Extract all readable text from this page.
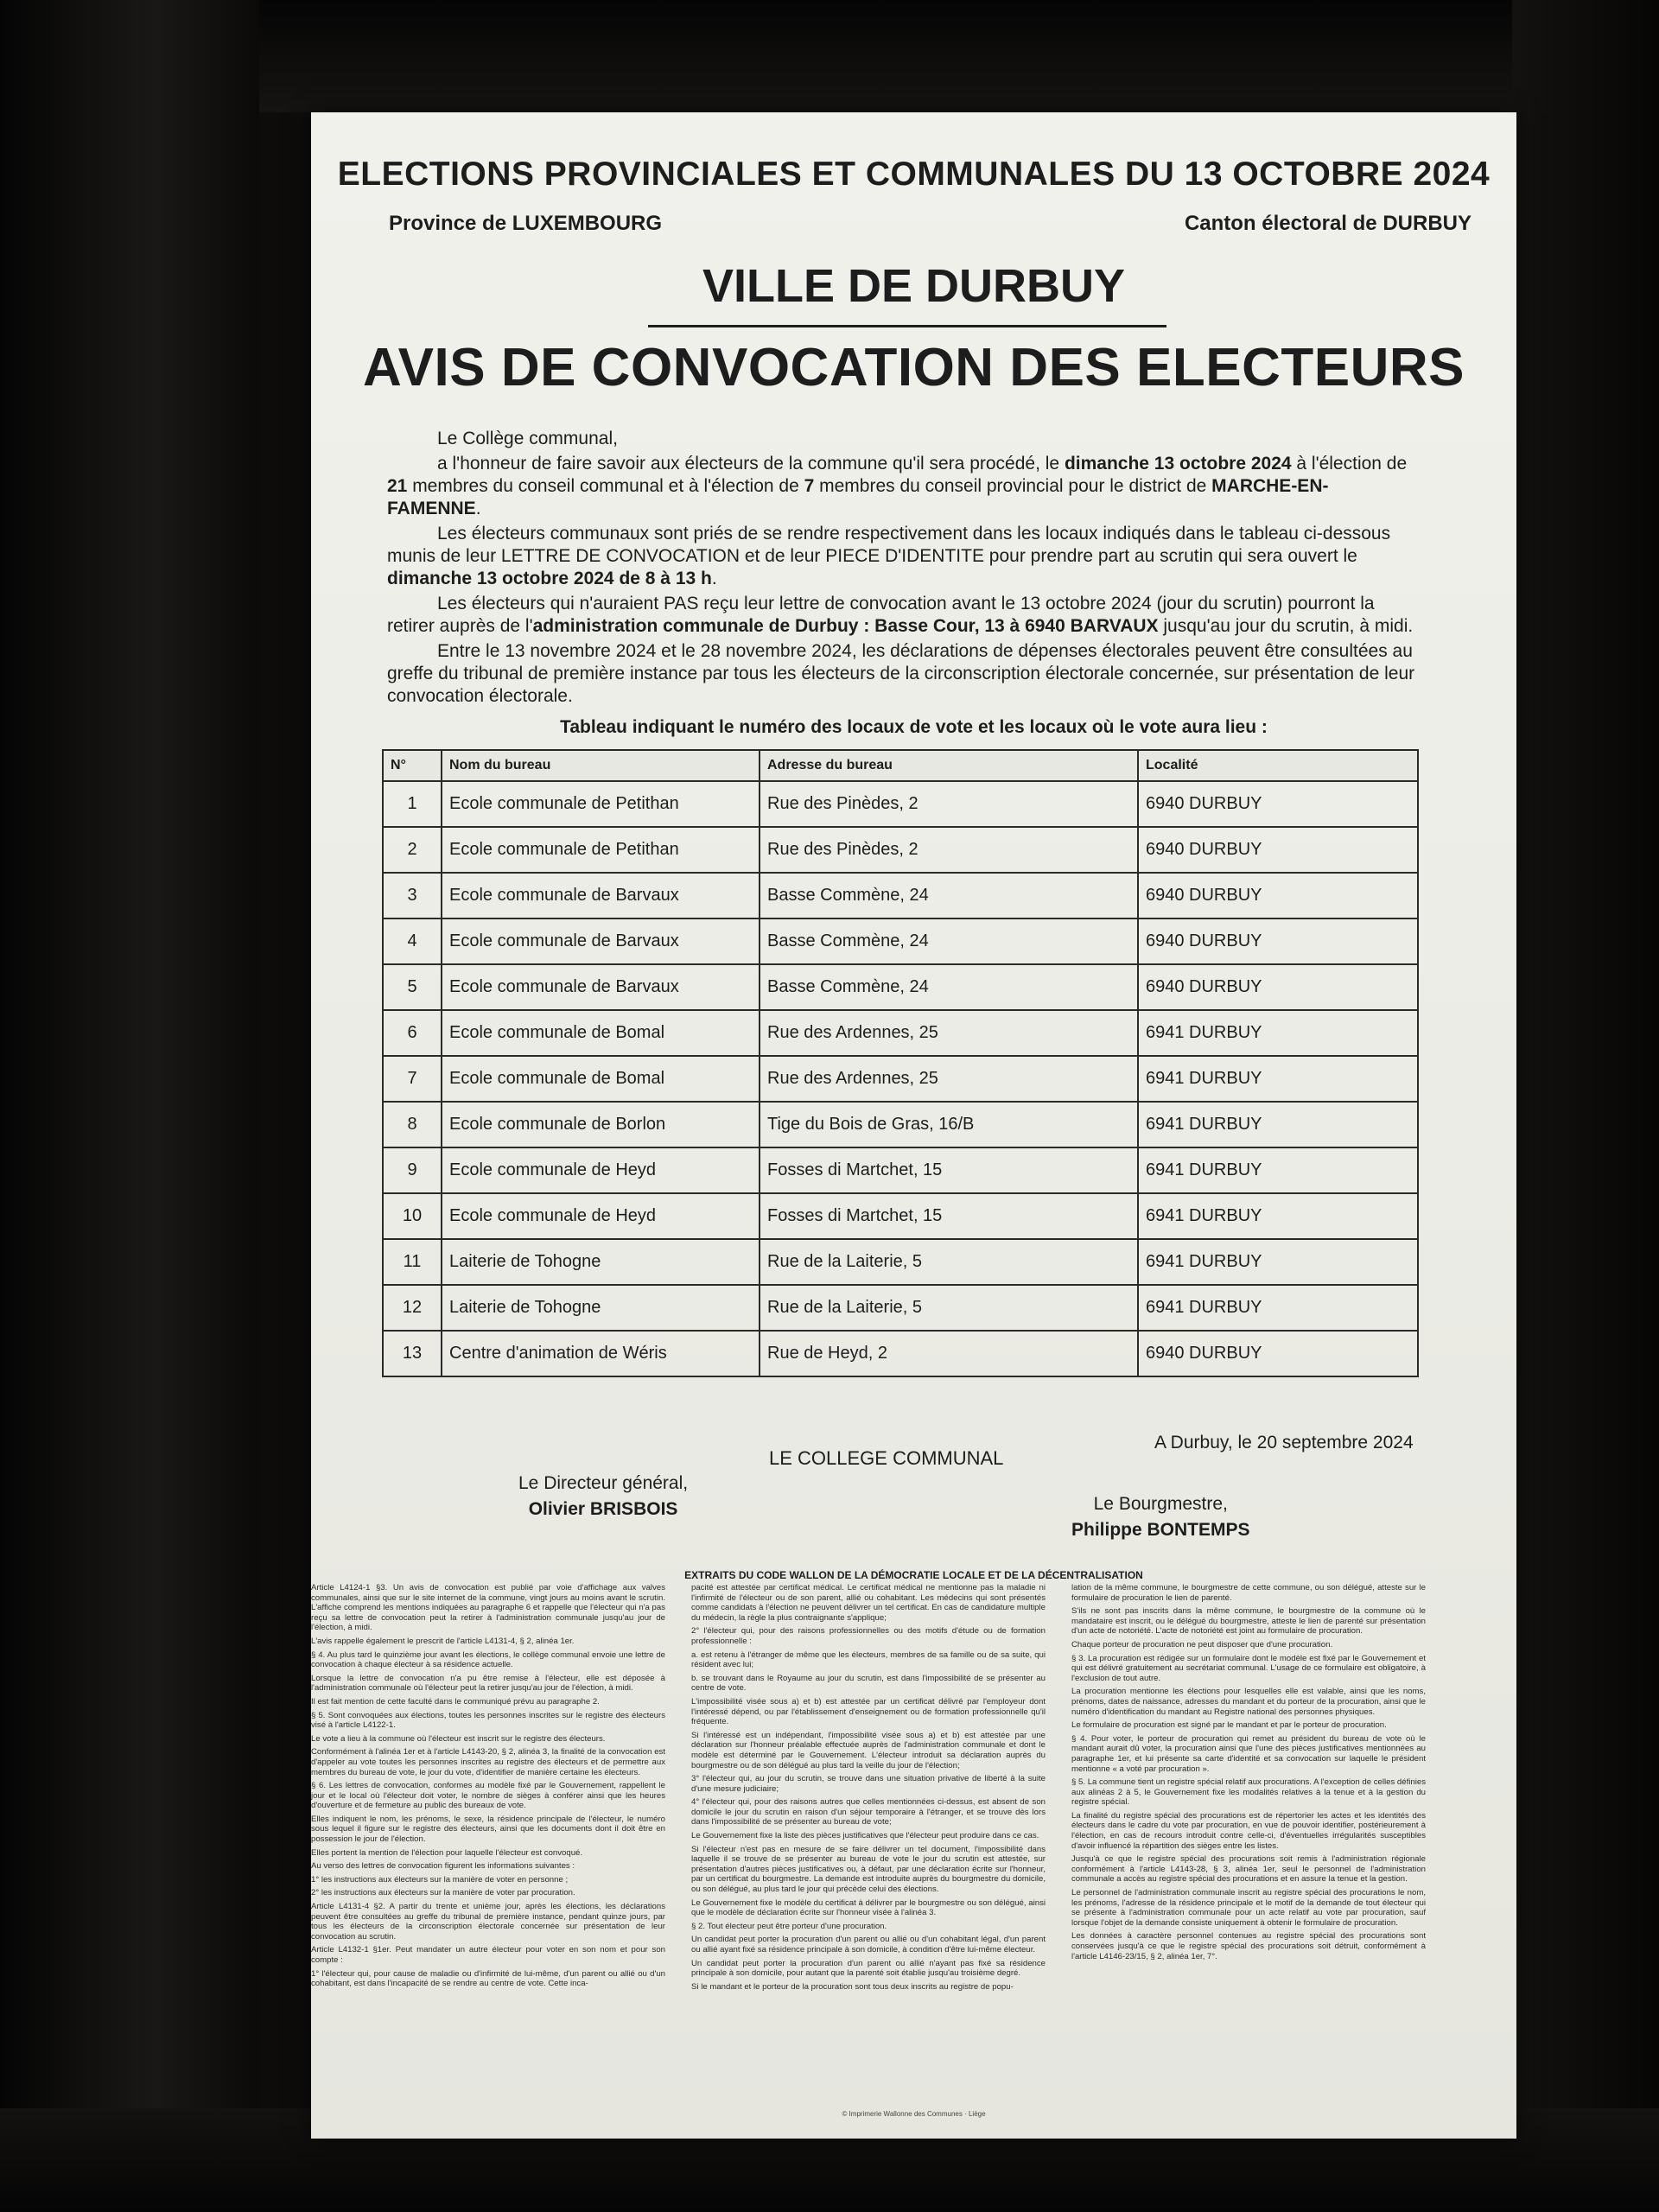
ELECTIONS PROVINCIALES ET COMMUNALES DU 13 OCTOBRE 2024
Province de LUXEMBOURG	Canton électoral de DURBUY
VILLE DE DURBUY
AVIS DE CONVOCATION DES ELECTEURS

Le Collège communal,

a l'honneur de faire savoir aux électeurs de la commune qu'il sera procédé, le dimanche 13 octobre 2024 à l'élection de 21 membres du conseil communal et à l'élection de 7 membres du conseil provincial pour le district de MARCHE-EN-FAMENNE.

Les électeurs communaux sont priés de se rendre respectivement dans les locaux indiqués dans le tableau ci-dessous munis de leur LETTRE DE CONVOCATION et de leur PIECE D'IDENTITE pour prendre part au scrutin qui sera ouvert le dimanche 13 octobre 2024 de 8 à 13 h.

Les électeurs qui n'auraient PAS reçu leur lettre de convocation avant le 13 octobre 2024 (jour du scrutin) pourront la retirer auprès de l'administration communale de Durbuy : Basse Cour, 13 à 6940 BARVAUX jusqu'au jour du scrutin, à midi.

Entre le 13 novembre 2024 et le 28 novembre 2024, les déclarations de dépenses électorales peuvent être consultées au greffe du tribunal de première instance par tous les électeurs de la circonscription électorale concernée, sur présentation de leur convocation électorale.

Tableau indiquant le numéro des locaux de vote et les locaux où le vote aura lieu :
N°	Nom du bureau	Adresse du bureau	Localité
1	Ecole communale de Petithan	Rue des Pinèdes, 2	6940 DURBUY
2	Ecole communale de Petithan	Rue des Pinèdes, 2	6940 DURBUY
3	Ecole communale de Barvaux	Basse Commène, 24	6940 DURBUY
4	Ecole communale de Barvaux	Basse Commène, 24	6940 DURBUY
5	Ecole communale de Barvaux	Basse Commène, 24	6940 DURBUY
6	Ecole communale de Bomal	Rue des Ardennes, 25	6941 DURBUY
7	Ecole communale de Bomal	Rue des Ardennes, 25	6941 DURBUY
8	Ecole communale de Borlon	Tige du Bois de Gras, 16/B	6941 DURBUY
9	Ecole communale de Heyd	Fosses di Martchet, 15	6941 DURBUY
10	Ecole communale de Heyd	Fosses di Martchet, 15	6941 DURBUY
11	Laiterie de Tohogne	Rue de la Laiterie, 5	6941 DURBUY
12	Laiterie de Tohogne	Rue de la Laiterie, 5	6941 DURBUY
13	Centre d'animation de Wéris	Rue de Heyd, 2	6940 DURBUY
A Durbuy, le 20 septembre 2024
LE COLLEGE COMMUNAL
Le Directeur général,
Olivier BRISBOIS	Le Bourgmestre,
Philippe BONTEMPS
EXTRAITS DU CODE WALLON DE LA DÉMOCRATIE LOCALE ET DE LA DÉCENTRALISATION

Article L4124-1 §3. Un avis de convocation est publié par voie d'affichage aux valves communales, ainsi que sur le site internet de la commune, vingt jours au moins avant le scrutin. L'affiche comprend les mentions indiquées au paragraphe 6 et rappelle que l'électeur qui n'a pas reçu sa lettre de convocation peut la retirer à l'administration communale jusqu'au jour de l'élection, à midi.

L'avis rappelle également le prescrit de l'article L4131-4, § 2, alinéa 1er.

§ 4. Au plus tard le quinzième jour avant les élections, le collège communal envoie une lettre de convocation à chaque électeur à sa résidence actuelle.

Lorsque la lettre de convocation n'a pu être remise à l'électeur, elle est déposée à l'administration communale où l'électeur peut la retirer jusqu'au jour de l'élection, à midi.

Il est fait mention de cette faculté dans le communiqué prévu au paragraphe 2.

§ 5. Sont convoquées aux élections, toutes les personnes inscrites sur le registre des électeurs visé à l'article L4122-1.

Le vote a lieu à la commune où l'électeur est inscrit sur le registre des électeurs.

Conformément à l'alinéa 1er et à l'article L4143-20, § 2, alinéa 3, la finalité de la convocation est d'appeler au vote toutes les personnes inscrites au registre des électeurs et de permettre aux membres du bureau de vote, le jour du vote, d'identifier de manière certaine les électeurs.

§ 6. Les lettres de convocation, conformes au modèle fixé par le Gouvernement, rappellent le jour et le local où l'électeur doit voter, le nombre de sièges à conférer ainsi que les heures d'ouverture et de fermeture au public des bureaux de vote.

Elles indiquent le nom, les prénoms, le sexe, la résidence principale de l'électeur, le numéro sous lequel il figure sur le registre des électeurs, ainsi que les documents dont il doit être en possession le jour de l'élection.

Elles portent la mention de l'élection pour laquelle l'électeur est convoqué.

Au verso des lettres de convocation figurent les informations suivantes :

1° les instructions aux électeurs sur la manière de voter en personne ;

2° les instructions aux électeurs sur la manière de voter par procuration.

Article L4131-4 §2. A partir du trente et unième jour, après les élections, les déclarations peuvent être consultées au greffe du tribunal de première instance, pendant quinze jours, par tous les électeurs de la circonscription électorale concernée sur présentation de leur convocation au scrutin.

Article L4132-1 §1er. Peut mandater un autre électeur pour voter en son nom et pour son compte :

1° l'électeur qui, pour cause de maladie ou d'infirmité de lui-même, d'un parent ou allié ou d'un cohabitant, est dans l'incapacité de se rendre au centre de vote. Cette inca-

pacité est attestée par certificat médical. Le certificat médical ne mentionne pas la maladie ni l'infirmité de l'électeur ou de son parent, allié ou cohabitant. Les médecins qui sont présentés comme candidats à l'élection ne peuvent délivrer un tel certificat. En cas de candidature multiple du médecin, la règle la plus contraignante s'applique;

2° l'électeur qui, pour des raisons professionnelles ou des motifs d'étude ou de formation professionnelle :

a. est retenu à l'étranger de même que les électeurs, membres de sa famille ou de sa suite, qui résident avec lui;

b. se trouvant dans le Royaume au jour du scrutin, est dans l'impossibilité de se présenter au centre de vote.

L'impossibilité visée sous a) et b) est attestée par un certificat délivré par l'employeur dont l'intéressé dépend, ou par l'établissement d'enseignement ou de formation professionnelle qu'il fréquente.

Si l'intéressé est un indépendant, l'impossibilité visée sous a) et b) est attestée par une déclaration sur l'honneur préalable effectuée auprès de l'administration communale et dont le modèle est déterminé par le Gouvernement. L'électeur introduit sa déclaration auprès du bourgmestre ou de son délégué au plus tard la veille du jour de l'élection;

3° l'électeur qui, au jour du scrutin, se trouve dans une situation privative de liberté à la suite d'une mesure judiciaire;

4° l'électeur qui, pour des raisons autres que celles mentionnées ci-dessus, est absent de son domicile le jour du scrutin en raison d'un séjour temporaire à l'étranger, et se trouve dès lors dans l'impossibilité de se présenter au bureau de vote;

Le Gouvernement fixe la liste des pièces justificatives que l'électeur peut produire dans ce cas.

Si l'électeur n'est pas en mesure de se faire délivrer un tel document, l'impossibilité dans laquelle il se trouve de se présenter au bureau de vote le jour du scrutin est attestée, sur présentation d'autres pièces justificatives ou, à défaut, par une déclaration écrite sur l'honneur, par un certificat du bourgmestre. La demande est introduite auprès du bourgmestre du domicile, ou son délégué, au plus tard le jour qui précède celui des élections.

Le Gouvernement fixe le modèle du certificat à délivrer par le bourgmestre ou son délégué, ainsi que le modèle de déclaration écrite sur l'honneur visée à l'alinéa 3.

§ 2. Tout électeur peut être porteur d'une procuration.

Un candidat peut porter la procuration d'un parent ou allié ou d'un cohabitant légal, d'un parent ou allié ayant fixé sa résidence principale à son domicile, à condition d'être lui-même électeur.

Un candidat peut porter la procuration d'un parent ou allié n'ayant pas fixé sa résidence principale à son domicile, pour autant que la parenté soit établie jusqu'au troisième degré.

Si le mandant et le porteur de la procuration sont tous deux inscrits au registre de popu-

lation de la même commune, le bourgmestre de cette commune, ou son délégué, atteste sur le formulaire de procuration le lien de parenté.

S'ils ne sont pas inscrits dans la même commune, le bourgmestre de la commune où le mandataire est inscrit, ou le délégué du bourgmestre, atteste le lien de parenté sur présentation d'un acte de notoriété. L'acte de notoriété est joint au formulaire de procuration.

Chaque porteur de procuration ne peut disposer que d'une procuration.

§ 3. La procuration est rédigée sur un formulaire dont le modèle est fixé par le Gouvernement et qui est délivré gratuitement au secrétariat communal. L'usage de ce formulaire est obligatoire, à l'exclusion de tout autre.

La procuration mentionne les élections pour lesquelles elle est valable, ainsi que les noms, prénoms, dates de naissance, adresses du mandant et du porteur de la procuration, ainsi que le numéro d'identification du mandant au Registre national des personnes physiques.

Le formulaire de procuration est signé par le mandant et par le porteur de procuration.

§ 4. Pour voter, le porteur de procuration qui remet au président du bureau de vote où le mandant aurait dû voter, la procuration ainsi que l'une des pièces justificatives mentionnées au paragraphe 1er, et lui présente sa carte d'identité et sa convocation sur laquelle le président mentionne « a voté par procuration ».

§ 5. La commune tient un registre spécial relatif aux procurations. A l'exception de celles définies aux alinéas 2 à 5, le Gouvernement fixe les modalités relatives à la tenue et à la gestion du registre spécial.

La finalité du registre spécial des procurations est de répertorier les actes et les identités des électeurs dans le cadre du vote par procuration, en vue de pouvoir identifier, postérieurement à l'élection, en cas de recours introduit contre celle-ci, d'éventuelles irrégularités susceptibles d'avoir influencé la répartition des sièges entre les listes.

Jusqu'à ce que le registre spécial des procurations soit remis à l'administration régionale conformément à l'article L4143-28, § 3, alinéa 1er, seul le personnel de l'administration communale a accès au registre spécial des procurations et en assure la tenue et la gestion.

Le personnel de l'administration communale inscrit au registre spécial des procurations le nom, les prénoms, l'adresse de la résidence principale et le motif de la demande de tout électeur qui se présente à l'administration communale pour un acte relatif au vote par procuration, sauf lorsque l'objet de la demande consiste uniquement à obtenir le formulaire de procuration.

Les données à caractère personnel contenues au registre spécial des procurations sont conservées jusqu'à ce que le registre spécial des procurations soit détruit, conformément à l'article L4146-23/15, § 2, alinéa 1er, 7°.

© Imprimerie Wallonne des Communes · Liège
